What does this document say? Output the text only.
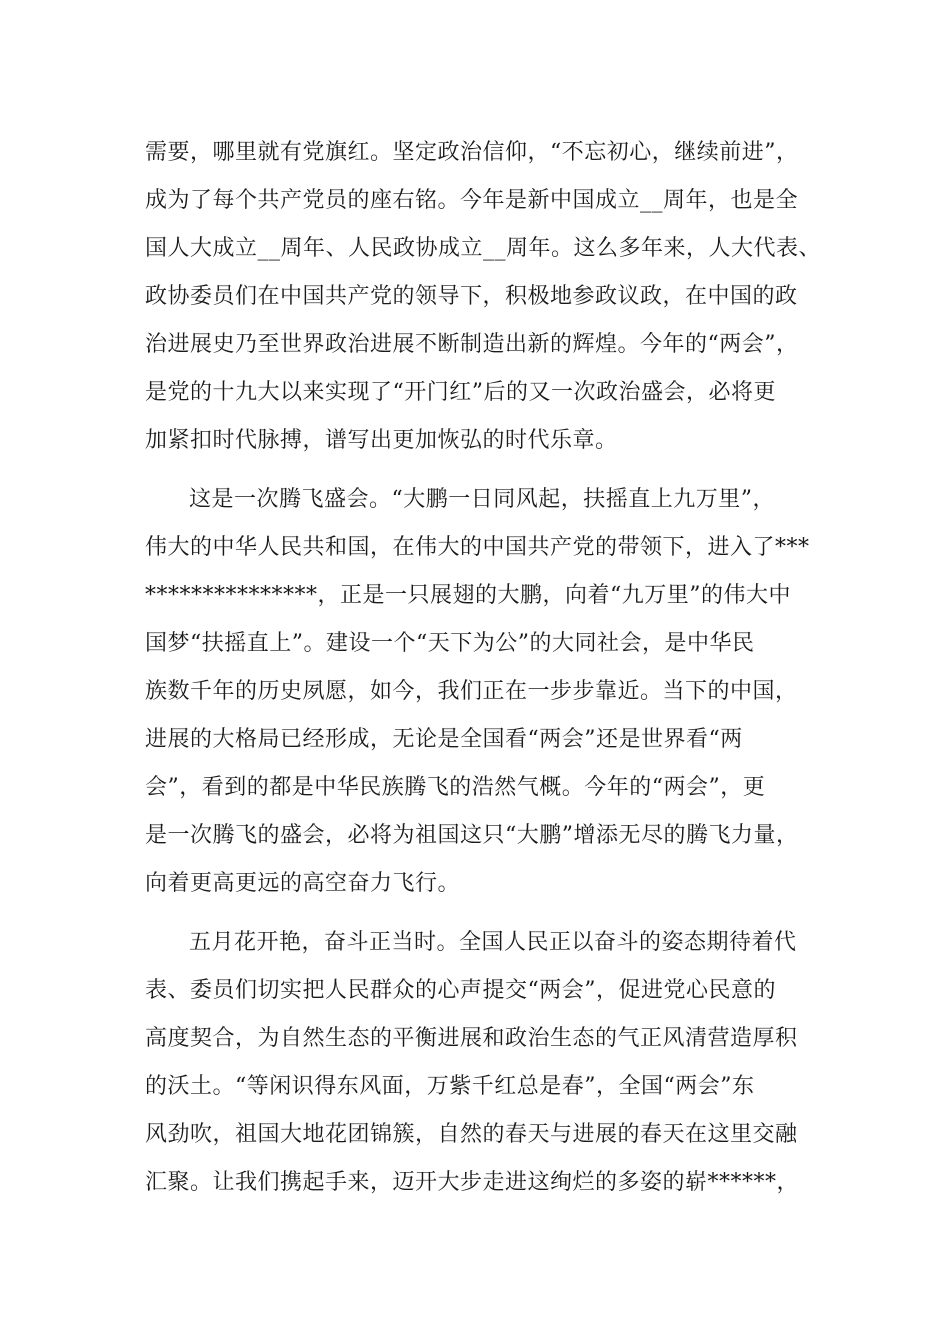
需要，哪里就有党旗红。坚定政治信仰，“不忘初心，继续前进”，
成为了每个共产党员的座右铭。今年是新中国成立__周年，也是全
国人大成立__周年、人民政协成立__周年。这么多年来，人大代表、
政协委员们在中国共产党的领导下，积极地参政议政，在中国的政
治进展史乃至世界政治进展不断制造出新的辉煌。今年的“两会”，
是党的十九大以来实现了“开门红”后的又一次政治盛会，必将更
加紧扣时代脉搏，谱写出更加恢弘的时代乐章。
这是一次腾飞盛会。“大鹏一日同风起，扶摇直上九万里”，
伟大的中华人民共和国，在伟大的中国共产党的带领下，进入了***
***************，正是一只展翅的大鹏，向着“九万里”的伟大中
国梦“扶摇直上”。建设一个“天下为公”的大同社会，是中华民
族数千年的历史夙愿，如今，我们正在一步步靠近。当下的中国，
进展的大格局已经形成，无论是全国看“两会”还是世界看“两
会”，看到的都是中华民族腾飞的浩然气概。今年的“两会”，更
是一次腾飞的盛会，必将为祖国这只“大鹏”增添无尽的腾飞力量，
向着更高更远的高空奋力飞行。
五月花开艳，奋斗正当时。全国人民正以奋斗的姿态期待着代
表、委员们切实把人民群众的心声提交“两会”，促进党心民意的
高度契合，为自然生态的平衡进展和政治生态的气正风清营造厚积
的沃土。“等闲识得东风面，万紫千红总是春”，全国“两会”东
风劲吹，祖国大地花团锦簇，自然的春天与进展的春天在这里交融
汇聚。让我们携起手来，迈开大步走进这绚烂的多姿的崭******，
